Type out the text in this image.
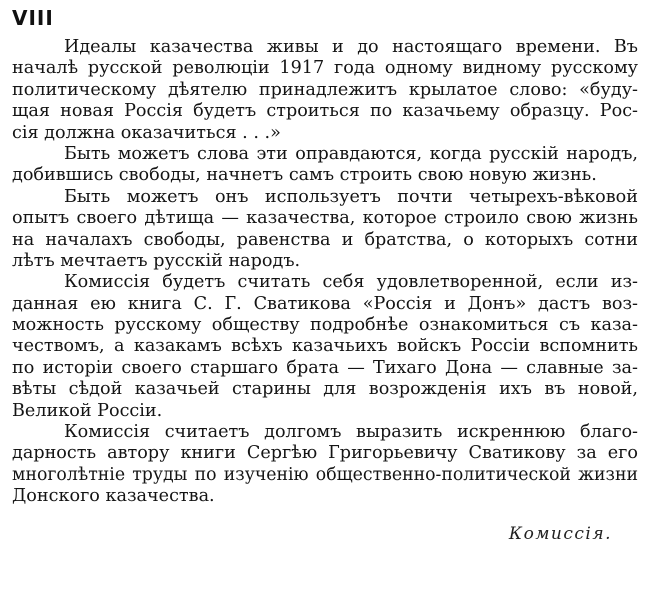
VIII
Идеалы казачества живы и до настоящаго времени. Въ
началѣ русской революціи 1917 года одному видному русскому
политическому дѣятелю принадлежитъ крылатое слово: «буду-
щая новая Россія будетъ строиться по казачьему образцу. Рос-
сія должна оказачиться . . .»
Быть можетъ слова эти оправдаются, когда русскій народъ,
добившись свободы, начнетъ самъ строить свою новую жизнь.
Быть можетъ онъ используетъ почти четырехъ-вѣковой
опытъ своего дѣтища — казачества, которое строило свою жизнь
на началахъ свободы, равенства и братства, о которыхъ сотни
лѣтъ мечтаетъ русскій народъ.
Комиссія будетъ считать себя удовлетворенной, если из-
данная ею книга С. Г. Сватикова «Россія и Донъ» дастъ воз-
можность русскому обществу подробнѣе ознакомиться съ каза-
чествомъ, а казакамъ всѣхъ казачьихъ войскъ Россіи вспомнить
по исторіи своего старшаго брата — Тихаго Дона — славные за-
вѣты сѣдой казачьей старины для возрожденія ихъ въ новой,
Великой Россіи.
Комиссія считаетъ долгомъ выразить искреннюю благо-
дарность автору книги Сергѣю Григорьевичу Сватикову за его
многолѣтніе труды по изученію общественно-политической жизни
Донского казачества.
Комиссія.
